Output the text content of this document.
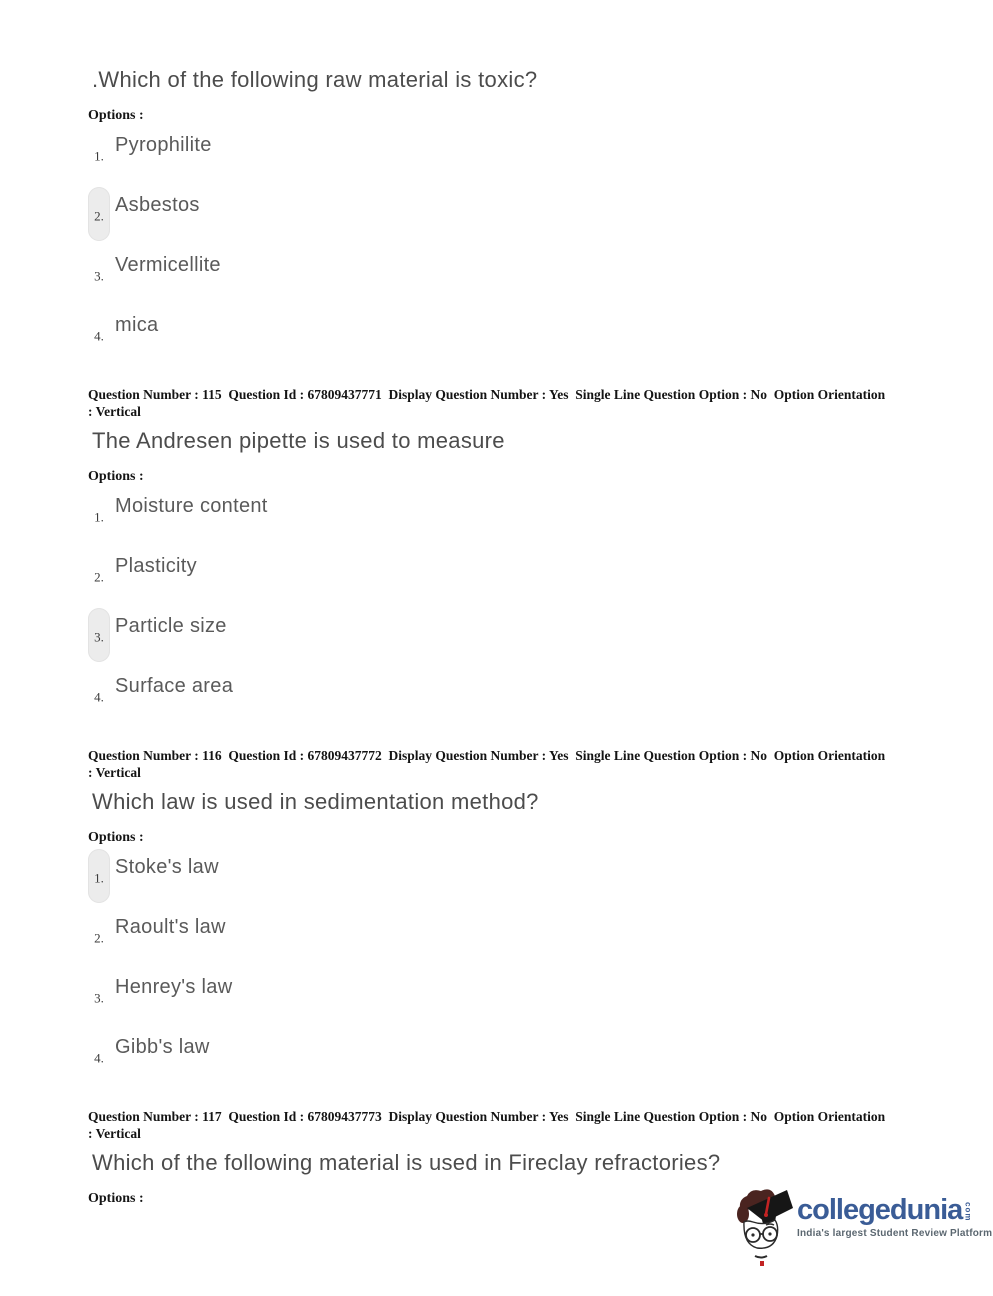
.Which of the following raw material is toxic?

Options :
1. Pyrophilite
2. Asbestos
3. Vermicellite
4. mica
Question Number : 115  Question Id : 67809437771  Display Question Number : Yes  Single Line Question Option : No  Option Orientation : Vertical

The Andresen pipette is used to measure

Options :
1. Moisture content
2. Plasticity
3. Particle size
4. Surface area
Question Number : 116  Question Id : 67809437772  Display Question Number : Yes  Single Line Question Option : No  Option Orientation : Vertical

Which law is used in sedimentation method?

Options :
1. Stoke's law
2. Raoult's law
3. Henrey's law
4. Gibb's law
Question Number : 117  Question Id : 67809437773  Display Question Number : Yes  Single Line Question Option : No  Option Orientation : Vertical

Which of the following material is used in Fireclay refractories?

Options :	collegedunia com
India's largest Student Review Platform
